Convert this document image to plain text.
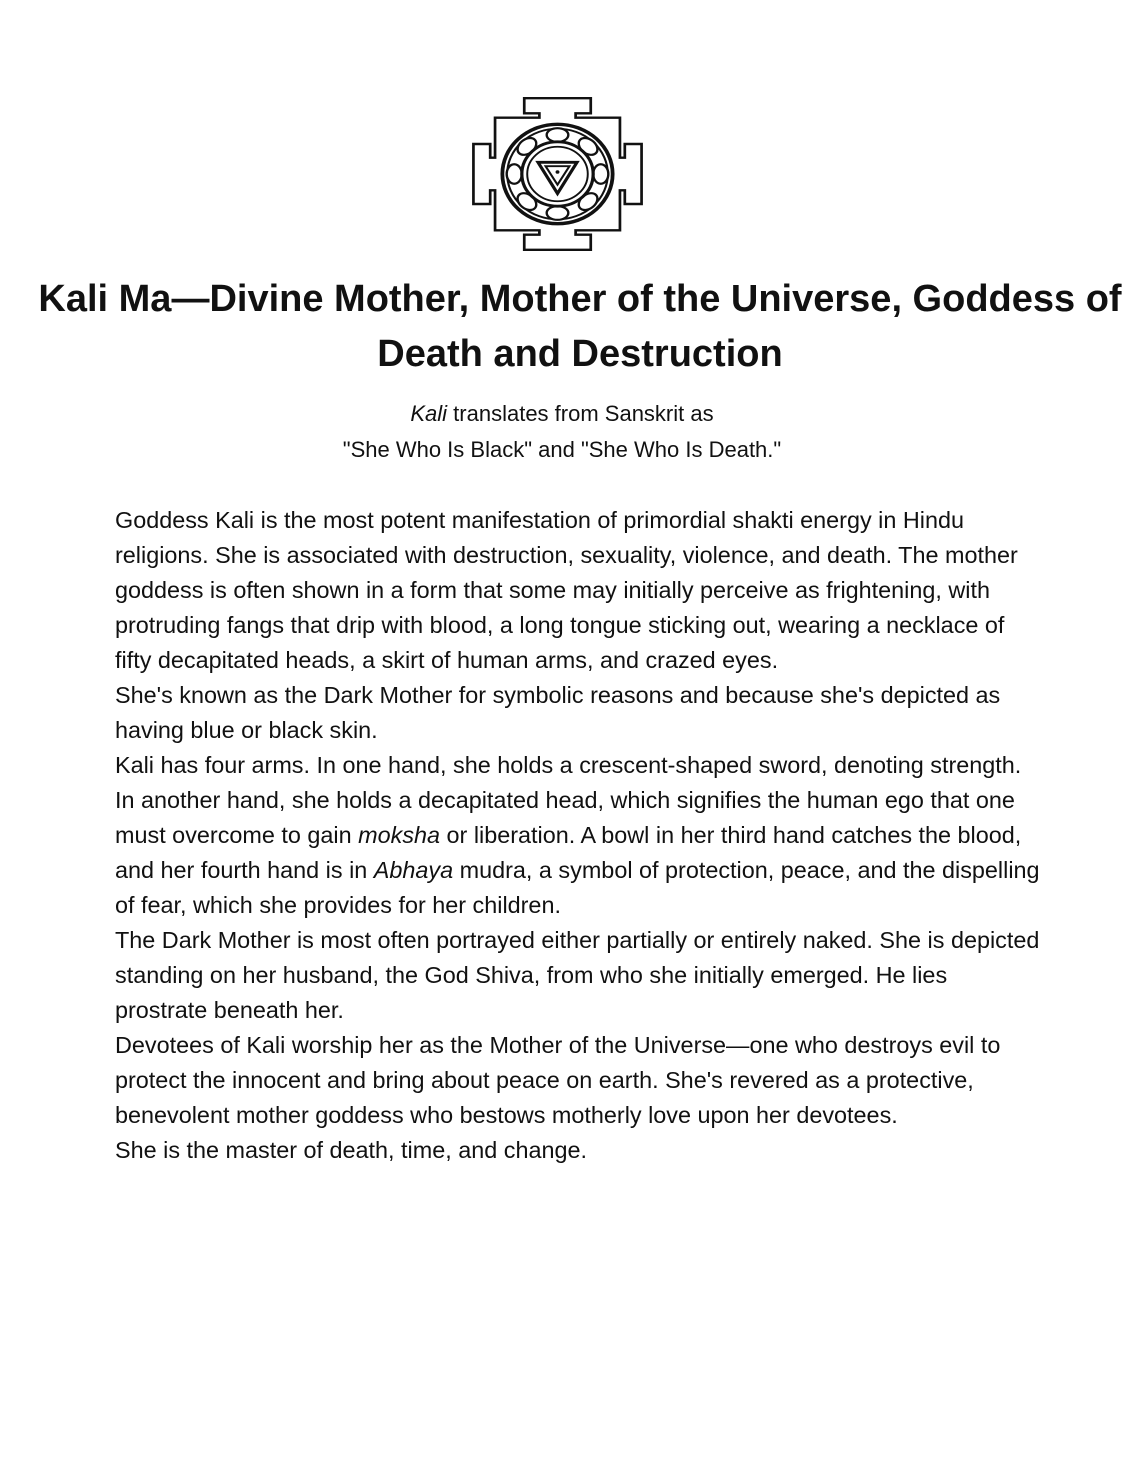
Kali Ma—Divine Mother, Mother of the Universe, Goddess of Death and Destruction
Kali translates from Sanskrit as
"She Who Is Black" and "She Who Is Death."

Goddess Kali is the most potent manifestation of primordial shakti energy in Hindu religions. She is associated with destruction, sexuality, violence, and death. The mother goddess is often shown in a form that some may initially perceive as frightening, with protruding fangs that drip with blood, a long tongue sticking out, wearing a necklace of fifty decapitated heads, a skirt of human arms, and crazed eyes.

She's known as the Dark Mother for symbolic reasons and because she's depicted as having blue or black skin.

Kali has four arms. In one hand, she holds a crescent-shaped sword, denoting strength. In another hand, she holds a decapitated head, which signifies the human ego that one must overcome to gain moksha or liberation. A bowl in her third hand catches the blood, and her fourth hand is in Abhaya mudra, a symbol of protection, peace, and the dispelling of fear, which she provides for her children.

The Dark Mother is most often portrayed either partially or entirely naked. She is depicted standing on her husband, the God Shiva, from who she initially emerged. He lies prostrate beneath her.

Devotees of Kali worship her as the Mother of the Universe—one who destroys evil to protect the innocent and bring about peace on earth. She's revered as a protective, benevolent mother goddess who bestows motherly love upon her devotees.

She is the master of death, time, and change.
